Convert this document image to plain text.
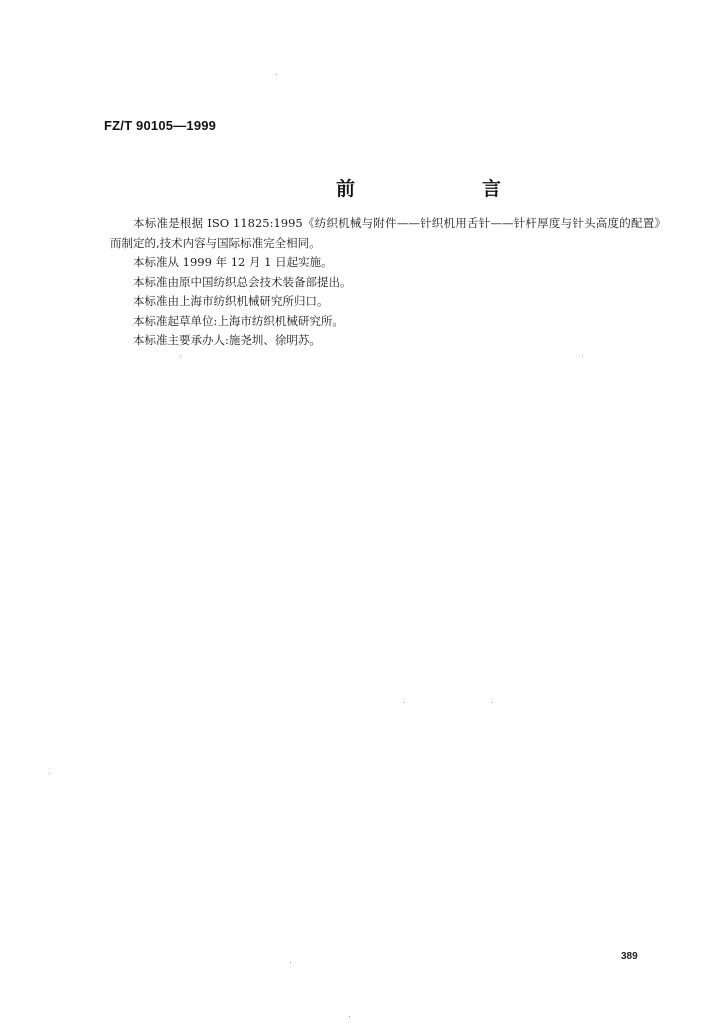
FZ/T 90105—1999
前　言

本标准是根据 ISO 11825:1995《纺织机械与附件——针织机用舌针——针杆厚度与针头高度的配置》而制定的,技术内容与国际标准完全相同。

本标准从 1999 年 12 月 1 日起实施。

本标准由原中国纺织总会技术装备部提出。

本标准由上海市纺织机械研究所归口。

本标准起草单位:上海市纺织机械研究所。

本标准主要承办人:施尧圳、徐明苏。

389
